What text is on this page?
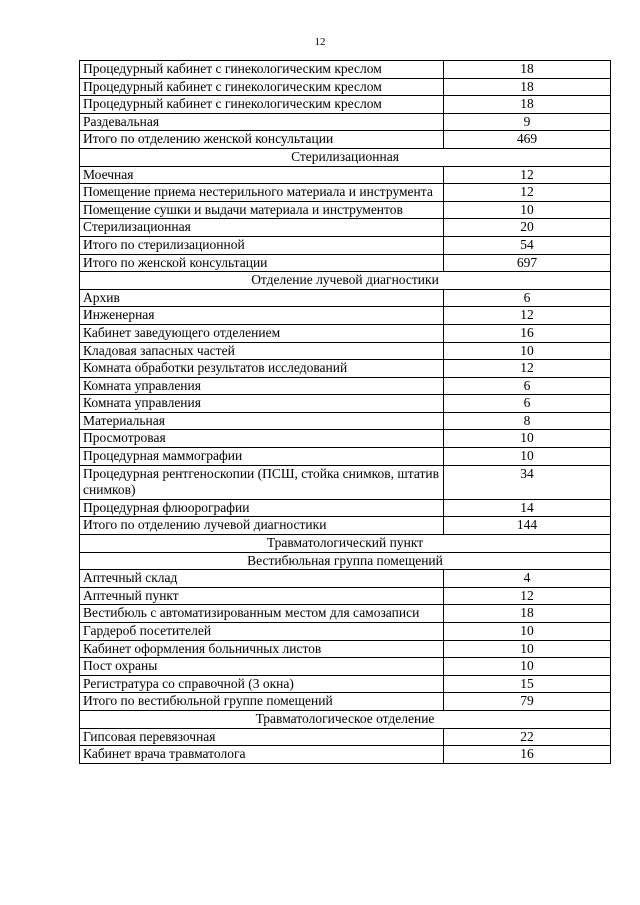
12
Процедурный кабинет с гинекологическим креслом	18
Процедурный кабинет с гинекологическим креслом	18
Процедурный кабинет с гинекологическим креслом	18
Раздевальная	9
Итого по отделению женской консультации	469
Стерилизационная	
Моечная	12
Помещение приема нестерильного материала и инструмента	12
Помещение сушки и выдачи материала и инструментов	10
Стерилизационная	20
Итого по стерилизационной	54
Итого по женской консультации	697
Отделение лучевой диагностики	
Архив	6
Инженерная	12
Кабинет заведующего отделением	16
Кладовая запасных частей	10
Комната обработки результатов исследований	12
Комната управления	6
Комната управления	6
Материальная	8
Просмотровая	10
Процедурная маммографии	10
Процедурная рентгеноскопии (ПСШ, стойка снимков, штатив снимков)	34
Процедурная флюорографии	14
Итого по отделению лучевой диагностики	144
Травматологический пункт	
Вестибюльная группа помещений	
Аптечный склад	4
Аптечный пункт	12
Вестибюль с автоматизированным местом для самозаписи	18
Гардероб посетителей	10
Кабинет оформления больничных листов	10
Пост охраны	10
Регистратура со справочной (3 окна)	15
Итого по вестибюльной группе помещений	79
Травматологическое отделение	
Гипсовая перевязочная	22
Кабинет врача травматолога	16
